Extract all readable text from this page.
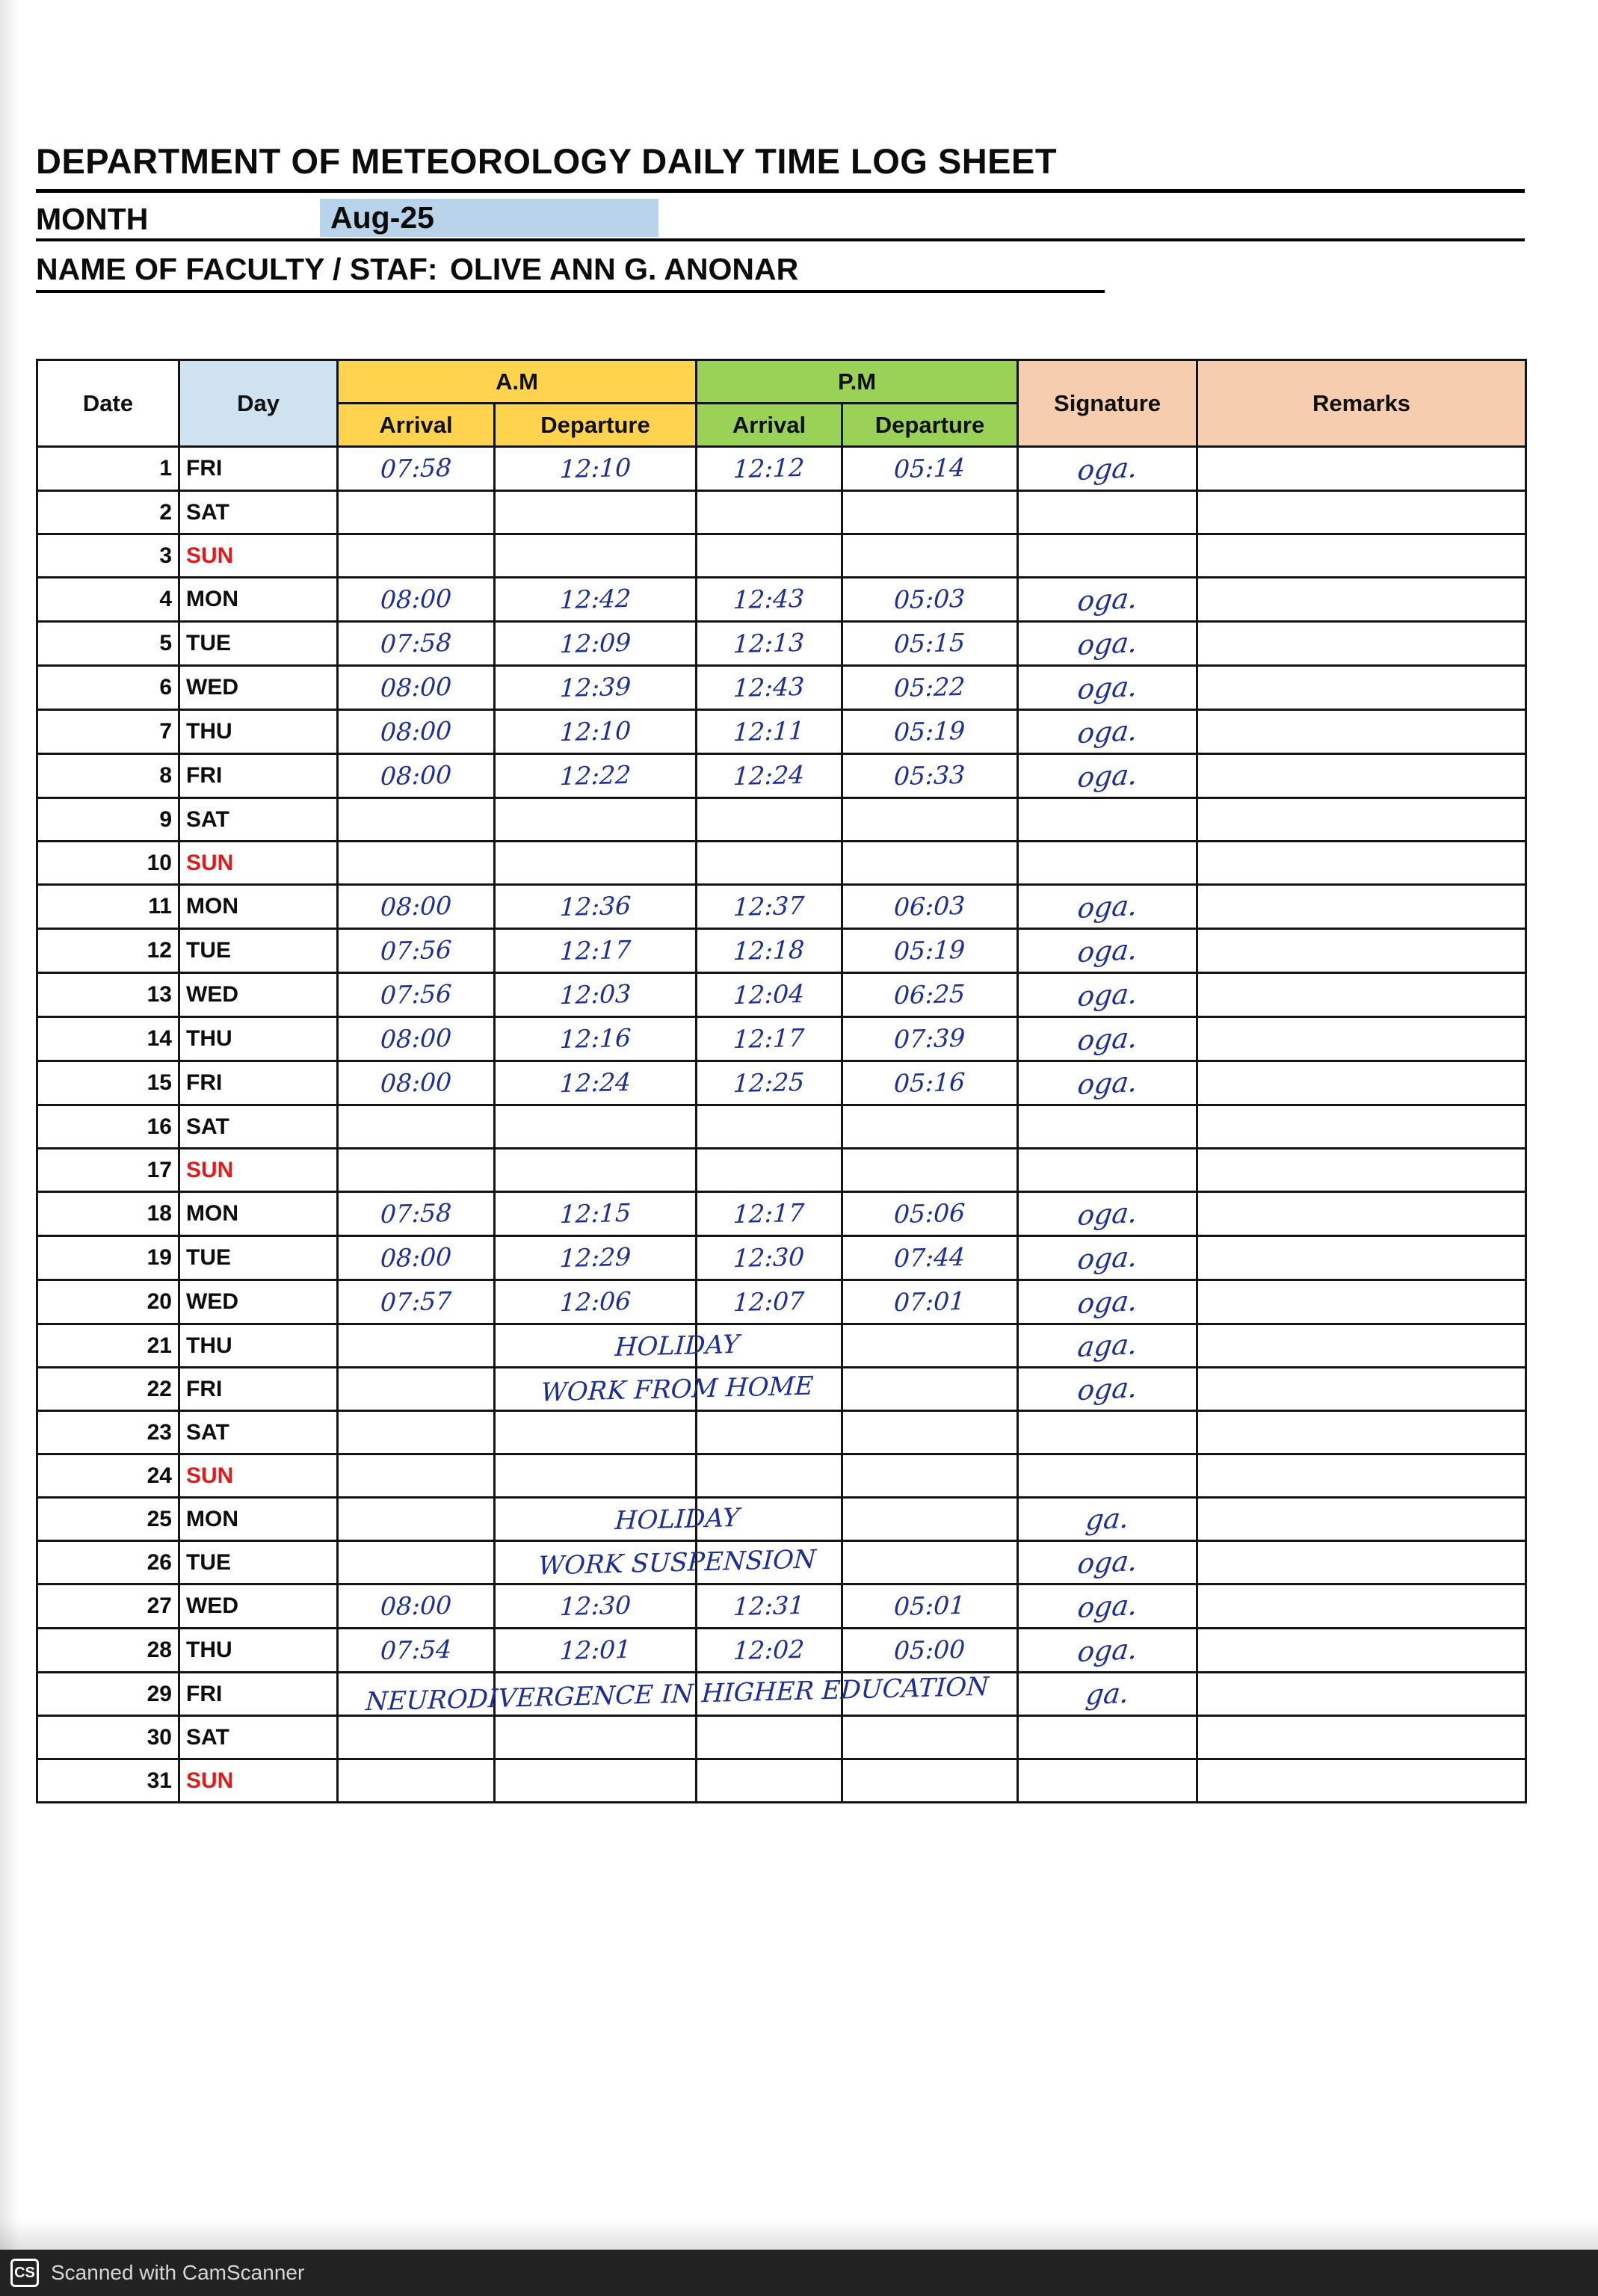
DEPARTMENT OF METEOROLOGY DAILY TIME LOG SHEET
MONTH	Aug-25
NAME OF FACULTY / STAF: OLIVE ANN G. ANONAR
Date	Day	A.M		P.M		Signature	Remarks
		Arrival	Departure	Arrival	Departure		
1	FRI	07:58	12:10	12:12	05:14	oga.	
2	SAT						
3	SUN						
4	MON	08:00	12:42	12:43	05:03	oga.	
5	TUE	07:58	12:09	12:13	05:15	oga.	
6	WED	08:00	12:39	12:43	05:22	oga.	
7	THU	08:00	12:10	12:11	05:19	oga.	
8	FRI	08:00	12:22	12:24	05:33	oga.	
9	SAT						
10	SUN						
11	MON	08:00	12:36	12:37	06:03	oga.	
12	TUE	07:56	12:17	12:18	05:19	oga.	
13	WED	07:56	12:03	12:04	06:25	oga.	
14	THU	08:00	12:16	12:17	07:39	oga.	
15	FRI	08:00	12:24	12:25	05:16	oga.	
16	SAT						
17	SUN						
18	MON	07:58	12:15	12:17	05:06	oga.	
19	TUE	08:00	12:29	12:30	07:44	oga.	
20	WED	07:57	12:06	12:07	07:01	oga.	
21	THU	HOLIDAY				aga.	
22	FRI	WORK FROM HOME				oga.	
23	SAT						
24	SUN						
25	MON	HOLIDAY				ga.	
26	TUE	WORK SUSPENSION				oga.	
27	WED	08:00	12:30	12:31	05:01	oga.	
28	THU	07:54	12:01	12:02	05:00	oga.	
29	FRI	NEURODIVERGENCE IN HIGHER EDUCATION				ga.	
30	SAT						
31	SUN						
CS Scanned with CamScanner
